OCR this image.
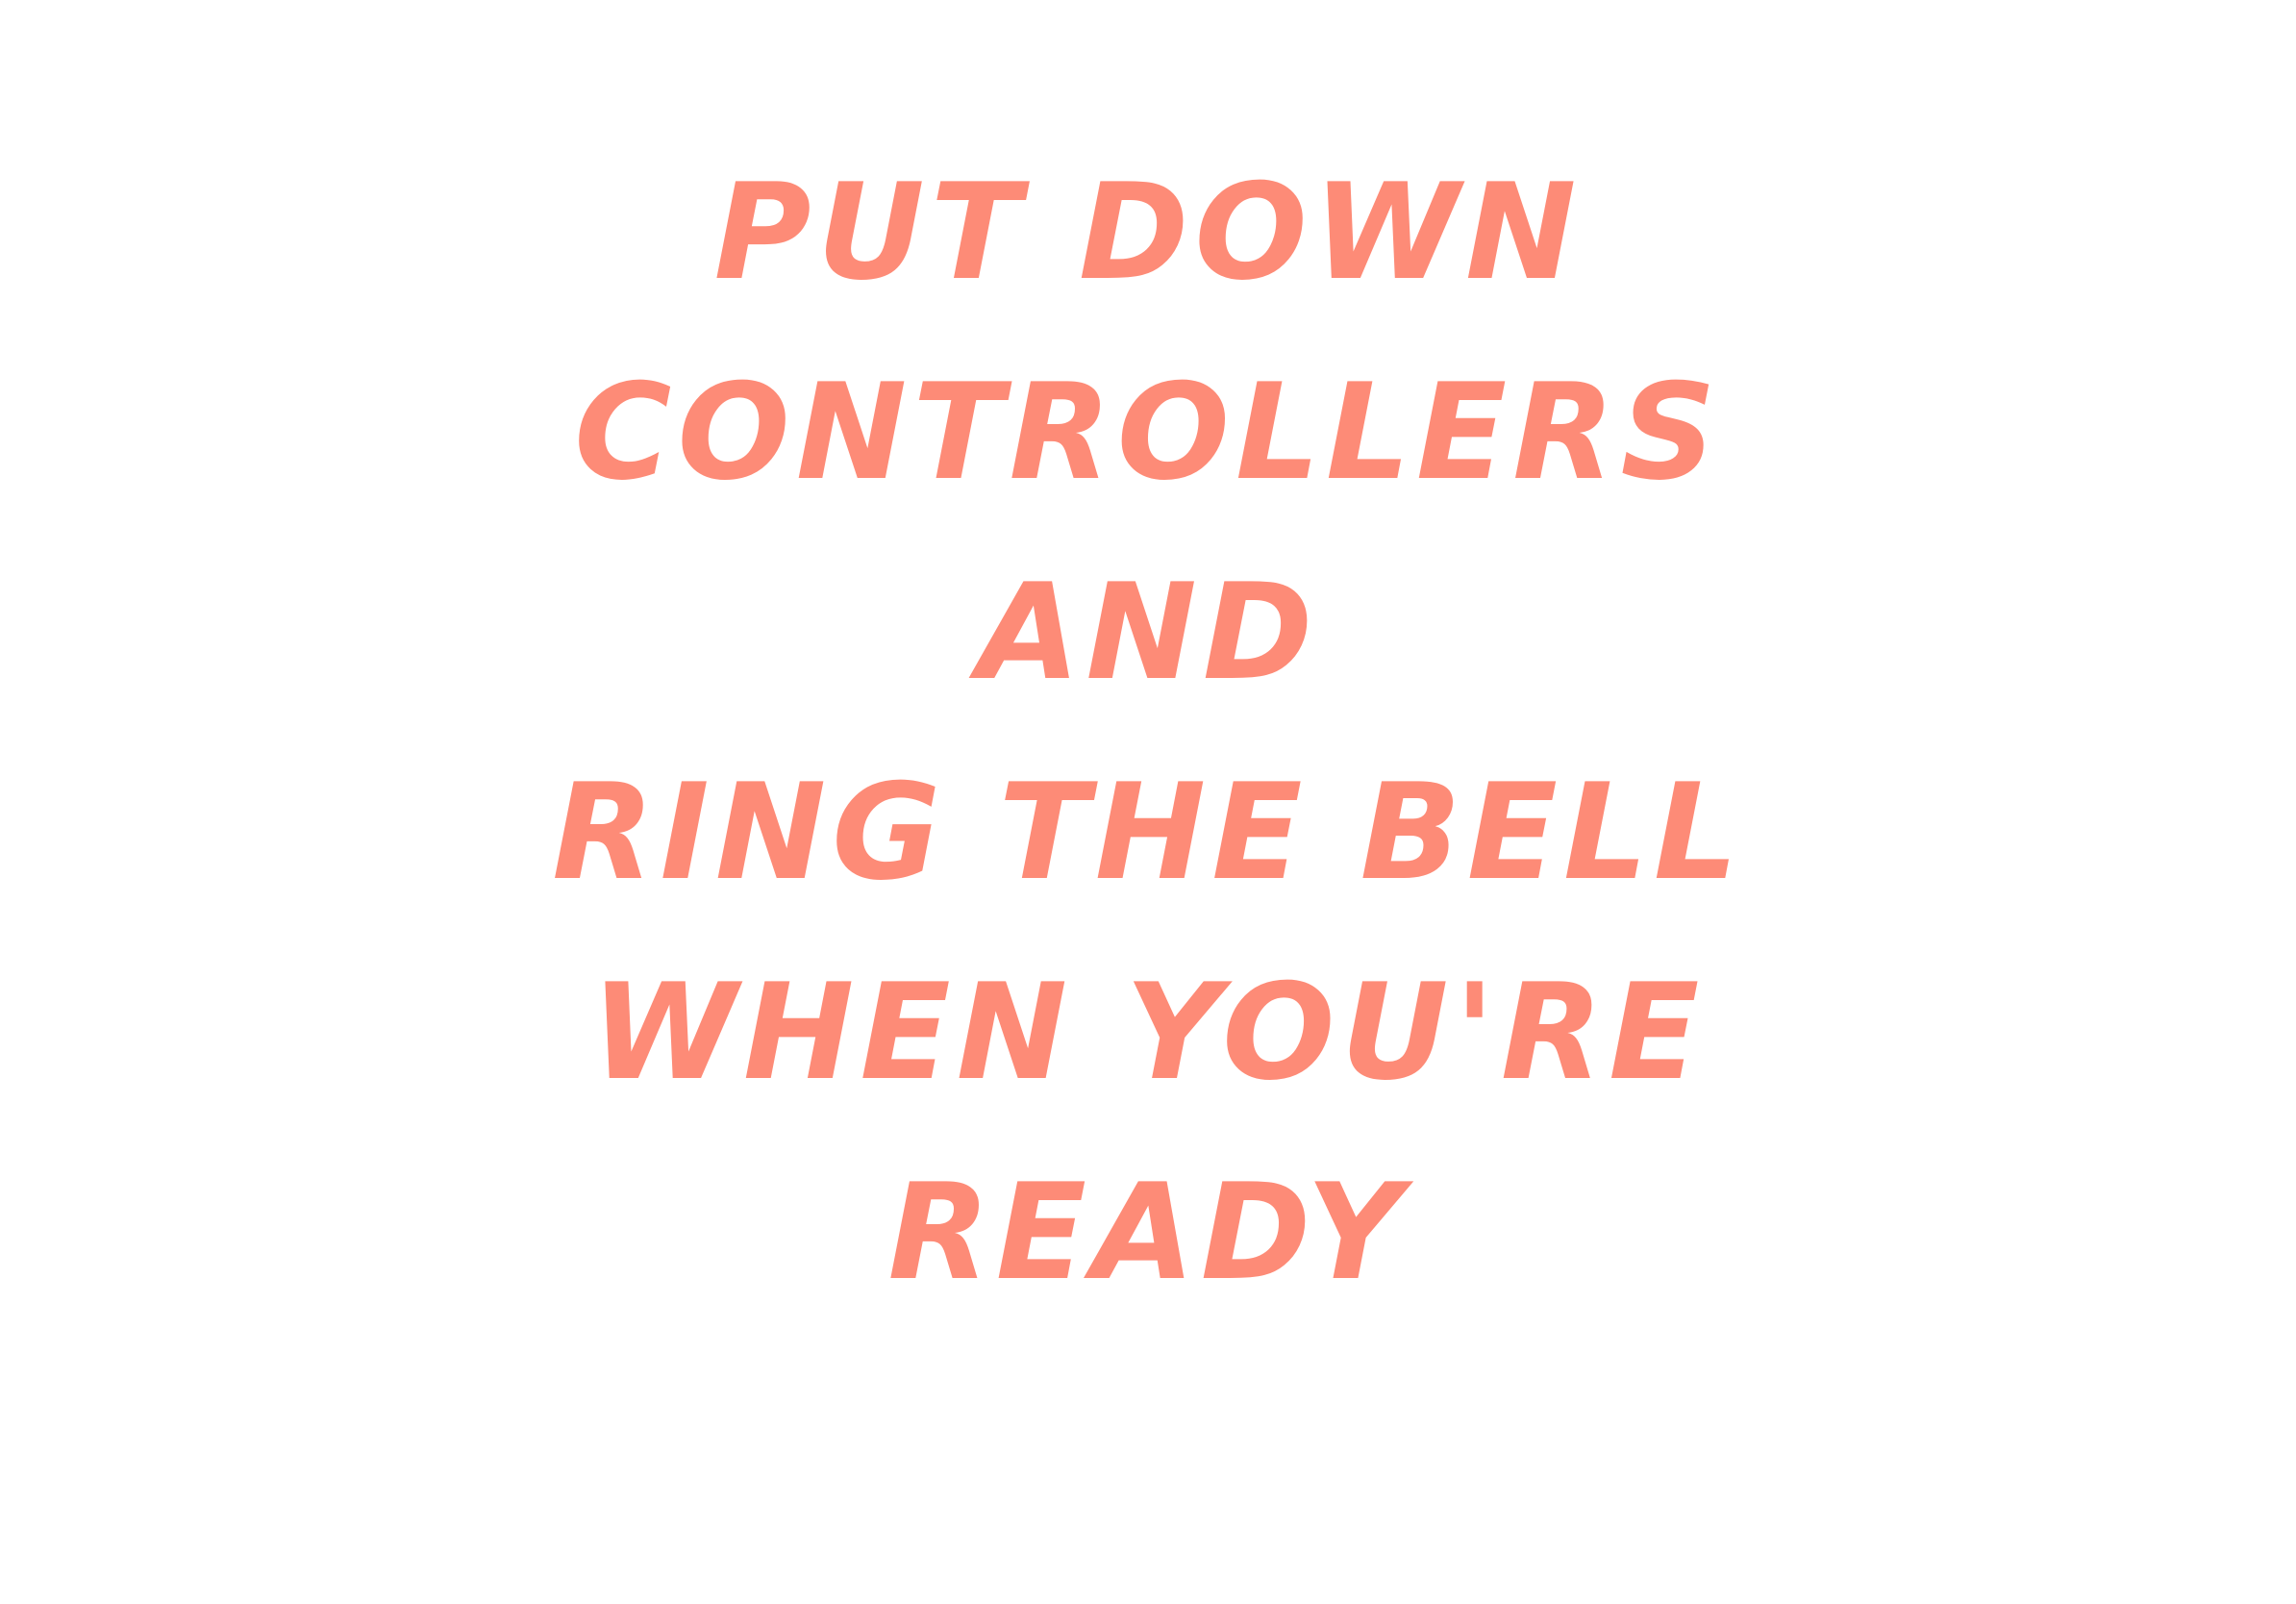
PUT DOWN
CONTROLLERS
AND
RING THE BELL
WHEN YOU'RE
READY
